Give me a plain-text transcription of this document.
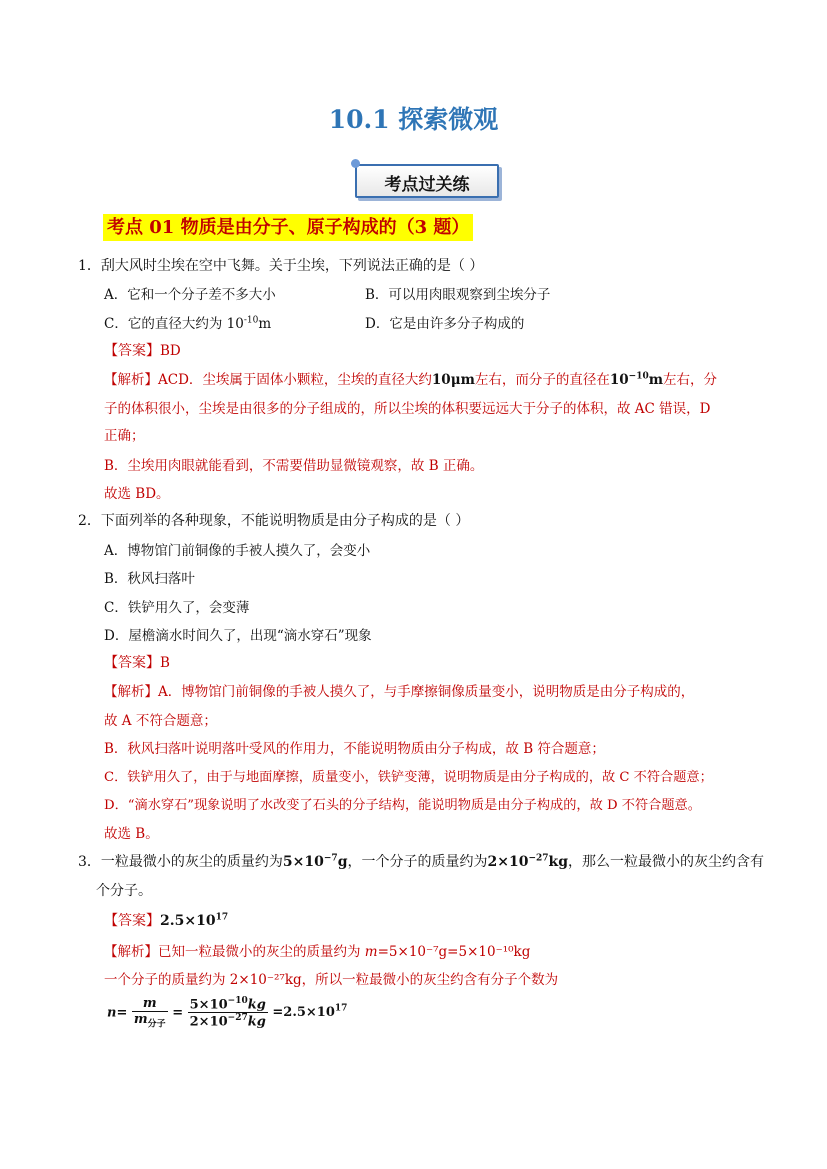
10.1 探索微观
考点过关练
考点 01 物质是由分子、原子构成的（3 题）
1．刮大风时尘埃在空中飞舞。关于尘埃，下列说法正确的是（ ）
A．它和一个分子差不多大小	B．可以用肉眼观察到尘埃分子
C．它的直径大约为 $10^{-10}m$	D．它是由许多分子构成的
【答案】BD
【解析】ACD．尘埃属于固体小颗粒，尘埃的直径大约10μm左右，而分子的直径在$10^{-10}m$左右，分
子的体积很小，尘埃是由很多的分子组成的，所以尘埃的体积要远远大于分子的体积，故 AC 错误，D
正确；
B．尘埃用肉眼就能看到，不需要借助显微镜观察，故 B 正确。
故选 BD。
2．下面列举的各种现象，不能说明物质是由分子构成的是（ ）
A．博物馆门前铜像的手被人摸久了，会变小
B．秋风扫落叶
C．铁铲用久了，会变薄
D．屋檐滴水时间久了，出现“滴水穿石”现象
【答案】B
【解析】A．博物馆门前铜像的手被人摸久了，与手摩擦铜像质量变小，说明物质是由分子构成的，
故 A 不符合题意；
B．秋风扫落叶说明落叶受风的作用力，不能说明物质由分子构成，故 B 符合题意；
C．铁铲用久了，由于与地面摩擦，质量变小，铁铲变薄，说明物质是由分子构成的，故 C 不符合题意；
D．“滴水穿石”现象说明了水改变了石头的分子结构，能说明物质是由分子构成的，故 D 不符合题意。
故选 B。
3．一粒最微小的灰尘的质量约为$5\times 10^{-7}g$，一个分子的质量约为$2\times 10^{-27}kg$，那么一粒最微小的灰尘约含有
个分子。
【答案】$2.5\times 10^{17}$
【解析】已知一粒最微小的灰尘的质量约为 m=5×10⁻⁷g=5×10⁻¹⁰kg
一个分子的质量约为 2×10⁻²⁷kg，所以一粒最微小的灰尘约含有分子个数为
$n= \frac{m}{m_{分子}} = \frac{5\times 10^{-10}kg}{2\times 10^{-27}kg} =2.5\times 10^{17}$
